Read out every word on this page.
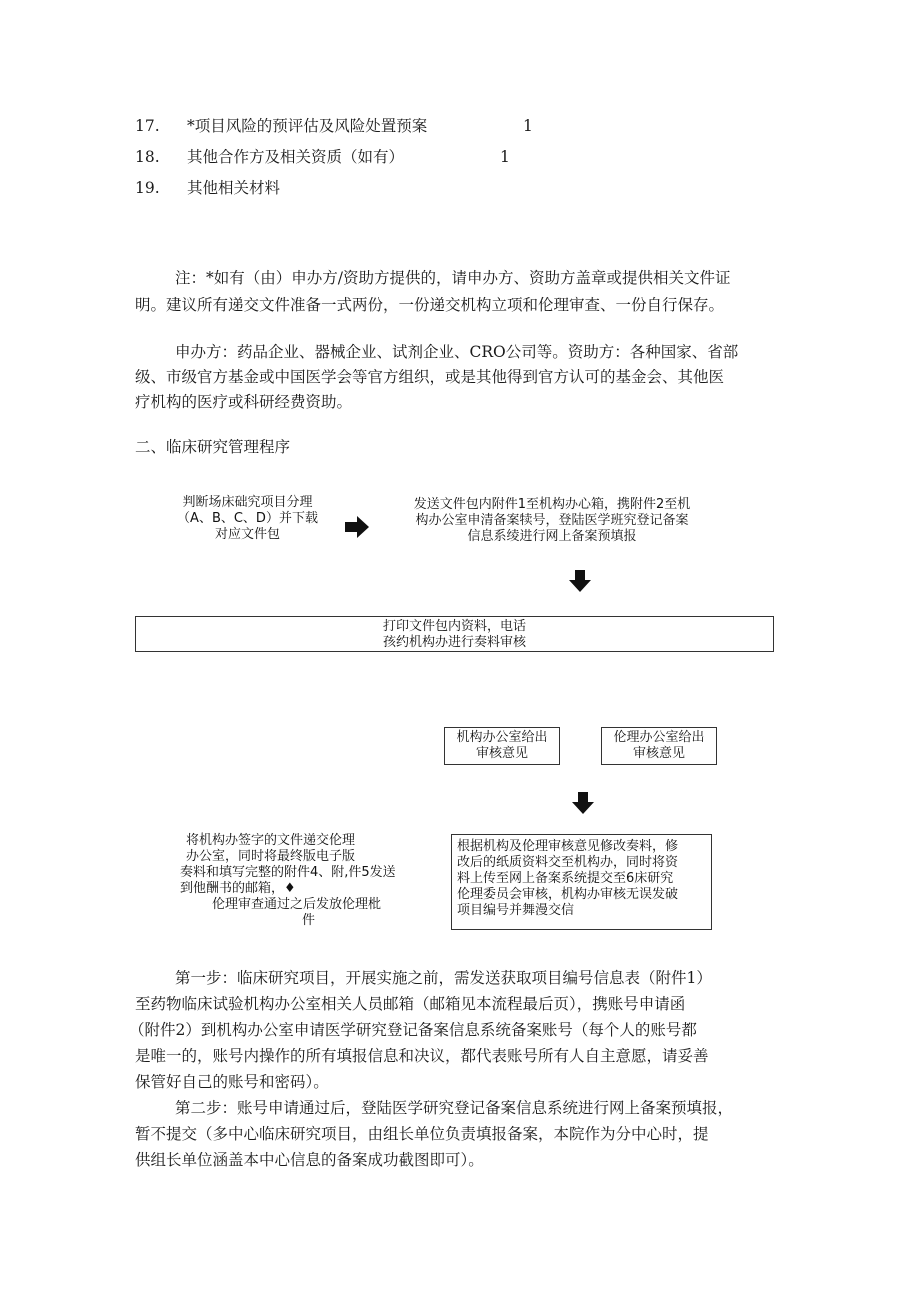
17. *项目风险的预评估及风险处置预案	1
18. 其他合作方及相关资质（如有）	1
19. 其他相关材料
注：*如有（由）申办方/资助方提供的，请申办方、资助方盖章或提供相关文件证
明。建议所有递交文件准备一式两份，一份递交机构立项和伦理审查、一份自行保存。
申办方：药品企业、器械企业、试剂企业、CRO公司等。资助方：各种国家、省部
级、市级官方基金或中国医学会等官方组织，或是其他得到官方认可的基金会、其他医
疗机构的医疗或科研经费资助。
二、临床研究管理程序
判断场床础究项目分理
（A、B、C、D）并下载
对应文件包
发送文件包内附件1至机构办心箱，携附件2至机
构办公室申清备案犊号，登陆医学班究登记备案
信息系绫进行网上备案预填报
打印文件包内资料，电话
孩约机构办进行奏料审核
机构办公室给出
审核意见
伦理办公室给出
审核意见
根据机构及伦理审核意见修改奏料，修
改后的纸质资料交至机构办，同时将资
料上传至网上备案系统提交至6床研究
伦理委员会审核，机构办审核无误发破
项目编号并舞漫交信
将机构办签字的文件递交伦理
办公室，同时将最终版电子版
奏料和填写完整的附件4、附,件5发送
到他酬书的邮箱，♦
伦理审查通过之后发放伦理枇
件
第一步：临床研究项目，开展实施之前，需发送获取项目编号信息表（附件1）
至药物临床试验机构办公室相关人员邮箱（邮箱见本流程最后页），携账号申请函
（附件2）到机构办公室申请医学研究登记备案信息系统备案账号（每个人的账号都
是唯一的，账号内操作的所有填报信息和决议，都代表账号所有人自主意愿，请妥善
保管好自己的账号和密码）。
第二步：账号申请通过后，登陆医学研究登记备案信息系统进行网上备案预填报，
暂不提交（多中心临床研究项目，由组长单位负责填报备案，本院作为分中心时，提
供组长单位涵盖本中心信息的备案成功截图即可）。
